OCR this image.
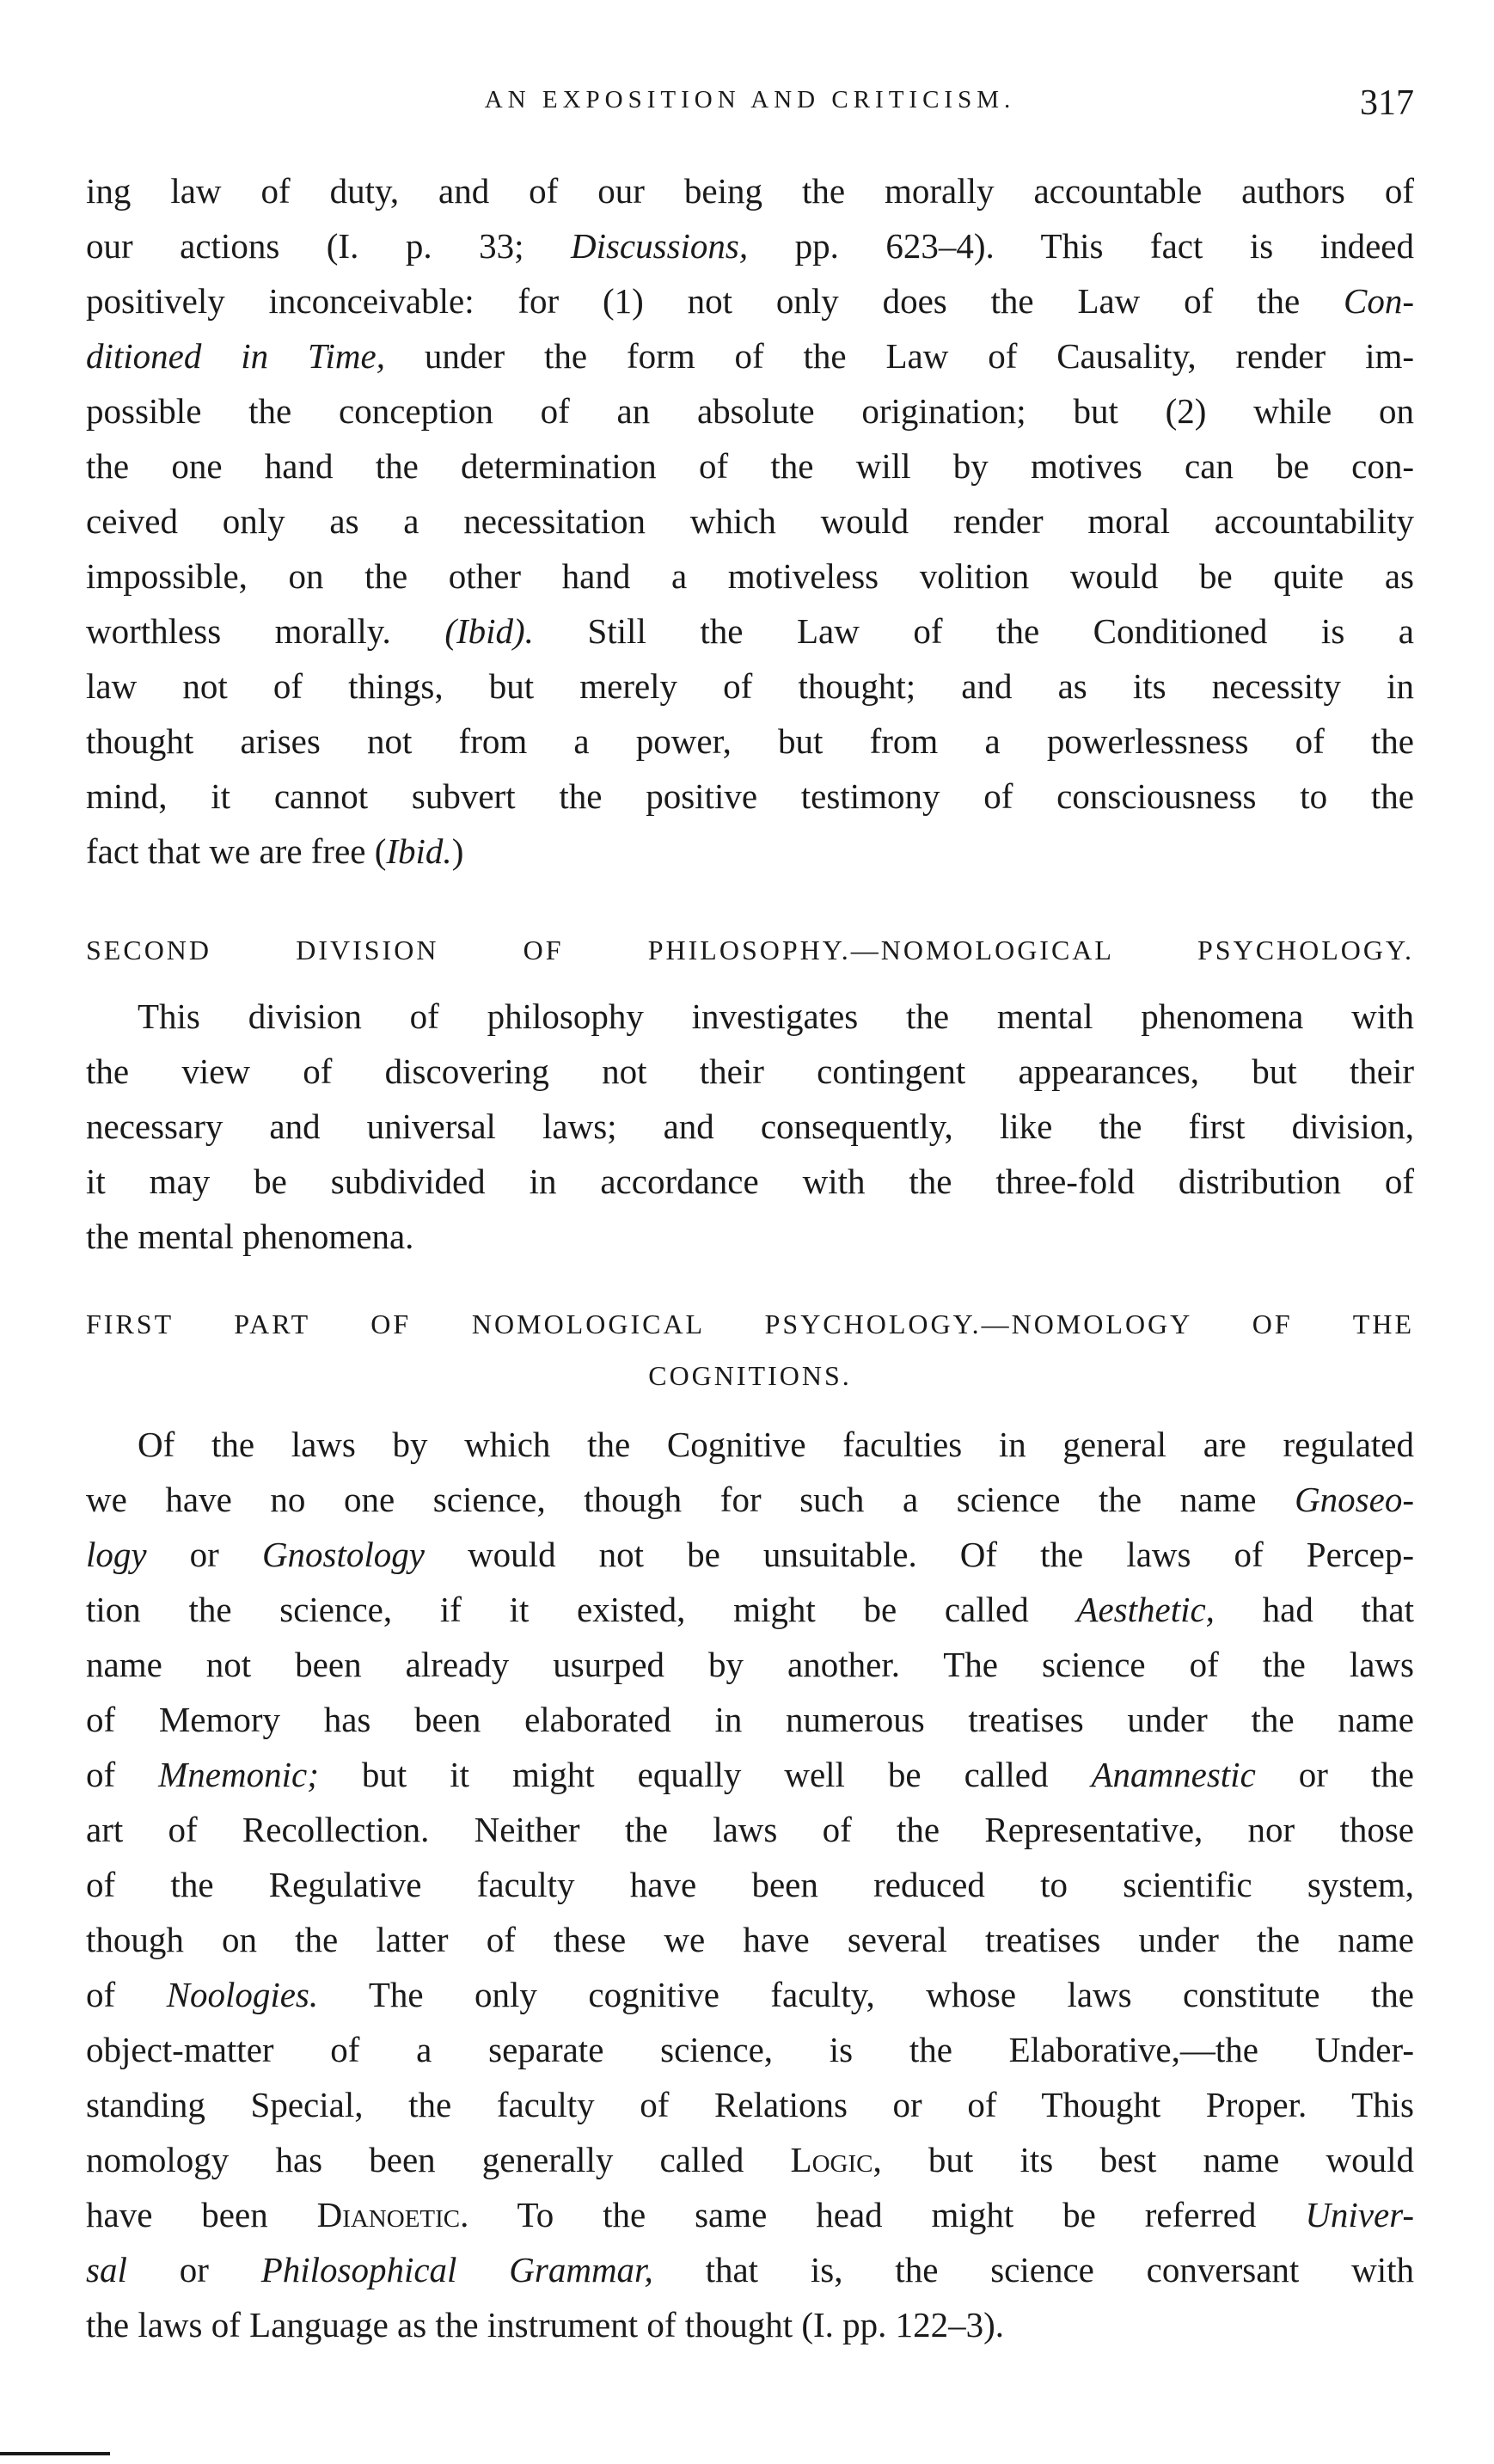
AN EXPOSITION AND CRITICISM.	317
ing law of duty, and of our being the morally accountable authors of
our actions (I. p. 33; Discussions, pp. 623–4). This fact is indeed
positively inconceivable: for (1) not only does the Law of the Con-
ditioned in Time, under the form of the Law of Causality, render im-
possible the conception of an absolute origination; but (2) while on
the one hand the determination of the will by motives can be con-
ceived only as a necessitation which would render moral accountability
impossible, on the other hand a motiveless volition would be quite as
worthless morally. (Ibid). Still the Law of the Conditioned is a
law not of things, but merely of thought; and as its necessity in
thought arises not from a power, but from a powerlessness of the
mind, it cannot subvert the positive testimony of consciousness to the
fact that we are free (Ibid.)
SECOND DIVISION OF PHILOSOPHY.—NOMOLOGICAL PSYCHOLOGY.
This division of philosophy investigates the mental phenomena with
the view of discovering not their contingent appearances, but their
necessary and universal laws; and consequently, like the first division,
it may be subdivided in accordance with the three-fold distribution of
the mental phenomena.
FIRST PART OF NOMOLOGICAL PSYCHOLOGY.—NOMOLOGY OF THE
COGNITIONS.
Of the laws by which the Cognitive faculties in general are regulated
we have no one science, though for such a science the name Gnoseo-
logy or Gnostology would not be unsuitable. Of the laws of Percep-
tion the science, if it existed, might be called Aesthetic, had that
name not been already usurped by another. The science of the laws
of Memory has been elaborated in numerous treatises under the name
of Mnemonic; but it might equally well be called Anamnestic or the
art of Recollection. Neither the laws of the Representative, nor those
of the Regulative faculty have been reduced to scientific system,
though on the latter of these we have several treatises under the name
of Noologies. The only cognitive faculty, whose laws constitute the
object-matter of a separate science, is the Elaborative,—the Under-
standing Special, the faculty of Relations or of Thought Proper. This
nomology has been generally called Logic, but its best name would
have been Dianoetic. To the same head might be referred Univer-
sal or Philosophical Grammar, that is, the science conversant with
the laws of Language as the instrument of thought (I. pp. 122–3).
